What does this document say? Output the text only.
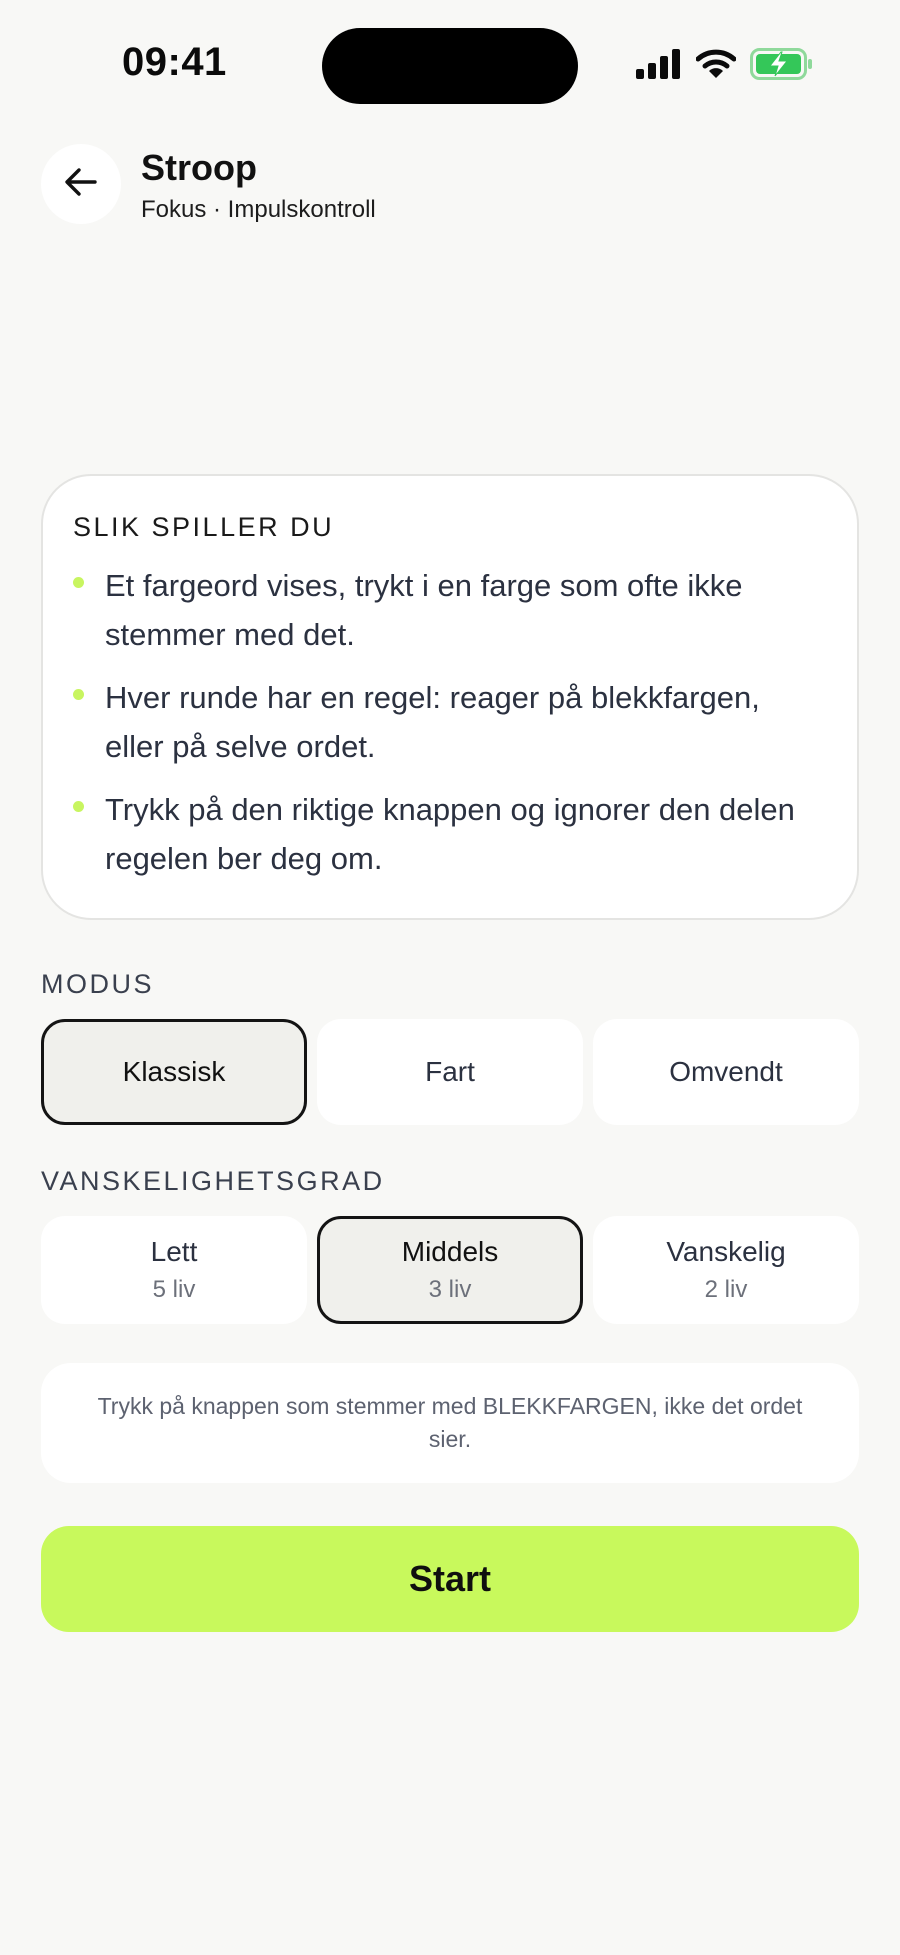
09:41
Stroop
Fokus · Impulskontroll
SLIK SPILLER DU
Et fargeord vises, trykt i en farge som ofte ikke stemmer med det.
Hver runde har en regel: reager på blekkfargen, eller på selve ordet.
Trykk på den riktige knappen og ignorer den delen regelen ber deg om.
MODUS
Klassisk	Fart	Omvendt
VANSKELIGHETSGRAD
Lett
5 liv
Middels
3 liv
Vanskelig
2 liv
Trykk på knappen som stemmer med BLEKKFARGEN, ikke det ordet sier.
Start
